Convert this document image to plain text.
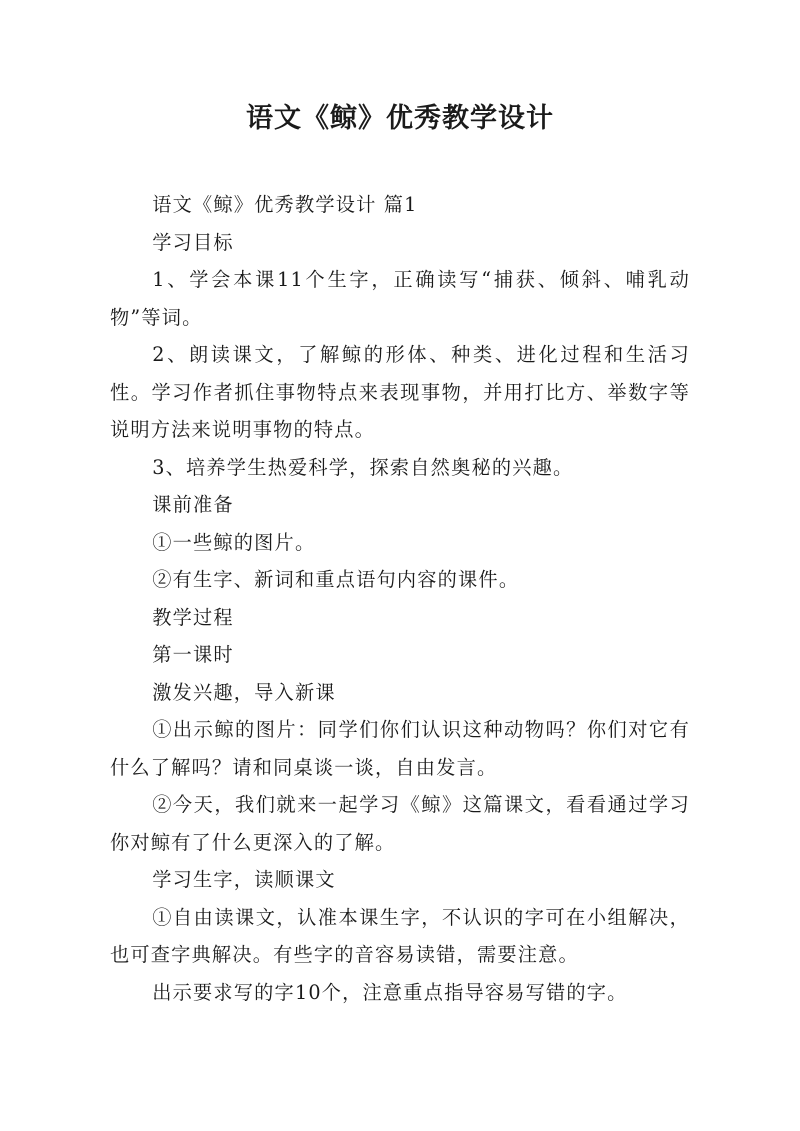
语文《鲸》优秀教学设计

语文《鲸》优秀教学设计 篇1

学习目标

1、学会本课11个生字，正确读写“捕获、倾斜、哺乳动物”等词。

2、朗读课文，了解鲸的形体、种类、进化过程和生活习性。学习作者抓住事物特点来表现事物，并用打比方、举数字等说明方法来说明事物的特点。

3、培养学生热爱科学，探索自然奥秘的兴趣。

课前准备

①一些鲸的图片。

②有生字、新词和重点语句内容的课件。

教学过程

第一课时

激发兴趣，导入新课

①出示鲸的图片：同学们你们认识这种动物吗？你们对它有什么了解吗？请和同桌谈一谈，自由发言。

②今天，我们就来一起学习《鲸》这篇课文，看看通过学习你对鲸有了什么更深入的了解。

学习生字，读顺课文

①自由读课文，认准本课生字，不认识的字可在小组解决，也可查字典解决。有些字的音容易读错，需要注意。

出示要求写的字10个，注意重点指导容易写错的字。
